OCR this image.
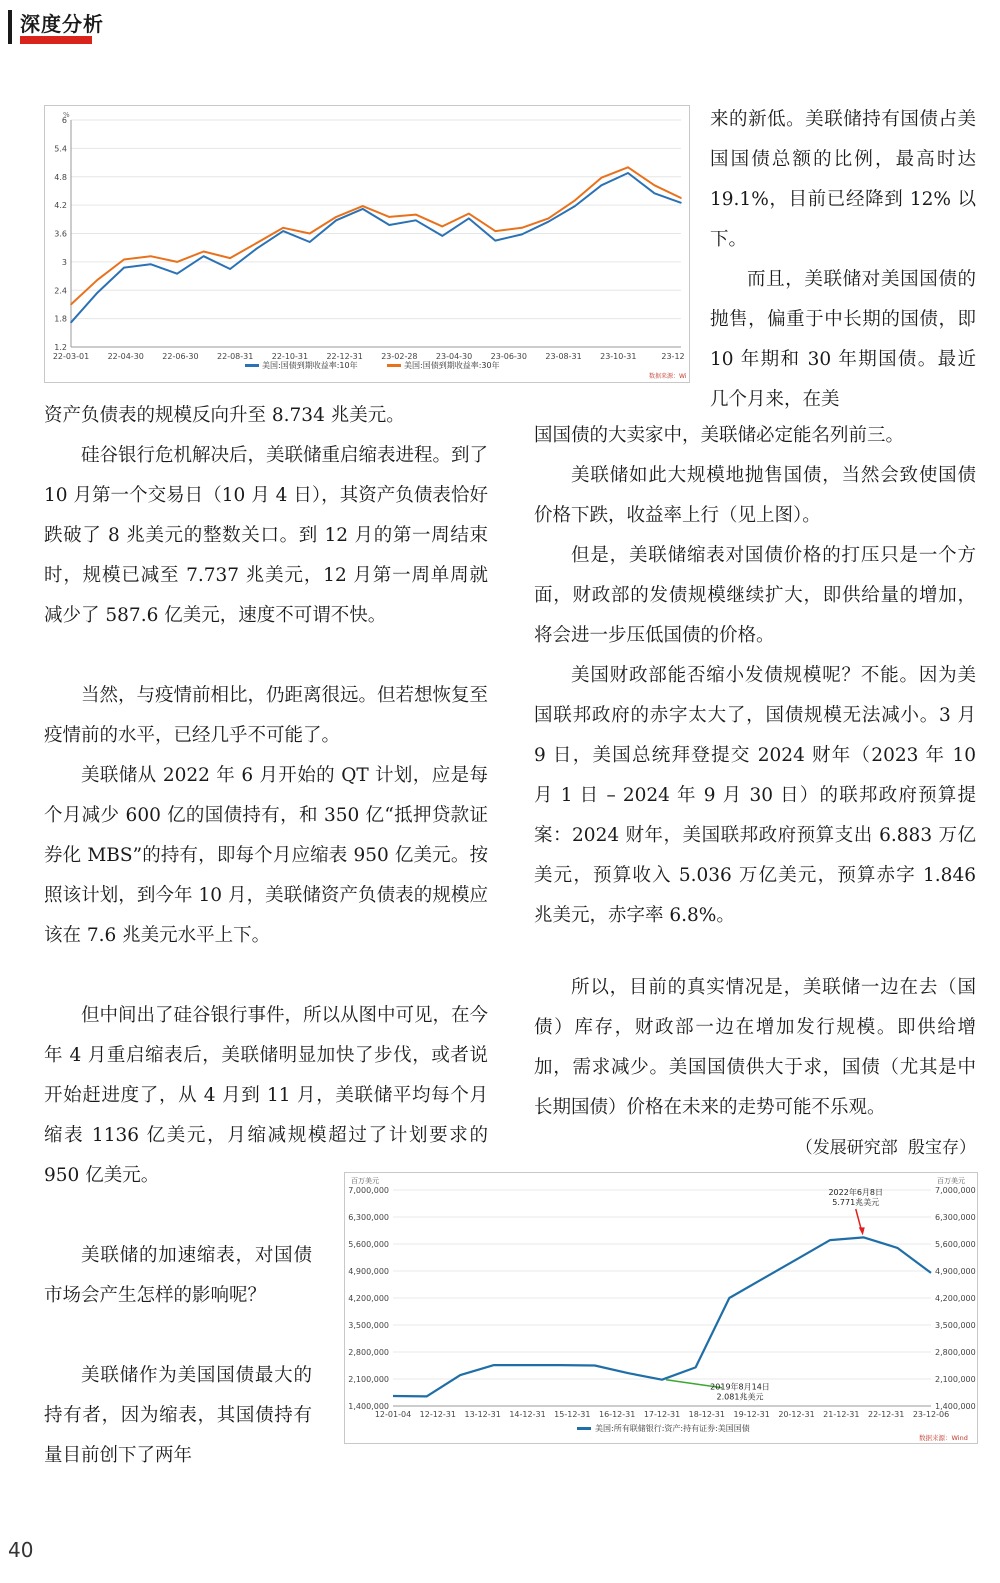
深度分析
%
1.2
1.8
2.4
3
3.6
4.2
4.8
5.4
6
22-03-01 22-04-30 22-06-30 22-08-31 22-10-31 22-12-31 23-02-28 23-04-30 23-06-30 23-08-31 23-10-31	23-12
美国:国债到期收益率:10年	美国:国债到期收益率:30年
数据来源：Wi
百万美元	百万美元
1,400,000	1,400,000
2,100,000	2,100,000
2,800,000	2,800,000
3,500,000	3,500,000
4,200,000	4,200,000
4,900,000	4,900,000
5,600,000	5,600,000
6,300,000	6,300,000
7,000,000	7,000,000
12-01-04 12-12-31 13-12-31 14-12-31 15-12-31 16-12-31 17-12-31 18-12-31 19-12-31 20-12-31 21-12-31 22-12-31 23-12-06
2022年6月8日
5.771兆美元
2019年8月14日
2.081兆美元
美国:所有联储银行:资产:持有证券:美国国债
数据来源：Wind

资产负债表的规模反向升至 8.734 兆美元。

硅谷银行危机解决后，美联储重启缩表进程。到了 10 月第一个交易日（10 月 4 日），其资产负债表恰好跌破了 8 兆美元的整数关口。到 12 月的第一周结束时，规模已减至 7.737 兆美元，12 月第一周单周就减少了 587.6 亿美元，速度不可谓不快。

当然，与疫情前相比，仍距离很远。但若想恢复至疫情前的水平，已经几乎不可能了。

美联储从 2022 年 6 月开始的 QT 计划，应是每个月减少 600 亿的国债持有，和 350 亿“抵押贷款证券化 MBS”的持有，即每个月应缩表 950 亿美元。按照该计划，到今年 10 月，美联储资产负债表的规模应该在 7.6 兆美元水平上下。

但中间出了硅谷银行事件，所以从图中可见，在今年 4 月重启缩表后，美联储明显加快了步伐，或者说开始赶进度了，从 4 月到 11 月，美联储平均每个月缩表 1136 亿美元，月缩减规模超过了计划要求的 950 亿美元。

美联储的加速缩表，对国债市场会产生怎样的影响呢？

美联储作为美国国债最大的持有者，因为缩表，其国债持有量目前创下了两年

来的新低。美联储持有国债占美国国债总额的比例，最高时达 19.1%，目前已经降到 12% 以下。

而且，美联储对美国国债的抛售，偏重于中长期的国债，即 10 年期和 30 年期国债。最近几个月来，在美

国国债的大卖家中，美联储必定能名列前三。

美联储如此大规模地抛售国债，当然会致使国债价格下跌，收益率上行（见上图）。

但是，美联储缩表对国债价格的打压只是一个方面，财政部的发债规模继续扩大，即供给量的增加，将会进一步压低国债的价格。

美国财政部能否缩小发债规模呢？不能。因为美国联邦政府的赤字太大了，国债规模无法减小。3 月 9 日，美国总统拜登提交 2024 财年（2023 年 10 月 1 日 – 2024 年 9 月 30 日）的联邦政府预算提案：2024 财年，美国联邦政府预算支出 6.883 万亿美元，预算收入 5.036 万亿美元，预算赤字 1.846 兆美元，赤字率 6.8%。

所以，目前的真实情况是，美联储一边在去（国债）库存，财政部一边在增加发行规模。即供给增加，需求减少。美国国债供大于求，国债（尤其是中长期国债）价格在未来的走势可能不乐观。
（发展研究部 殷宝存）

40
